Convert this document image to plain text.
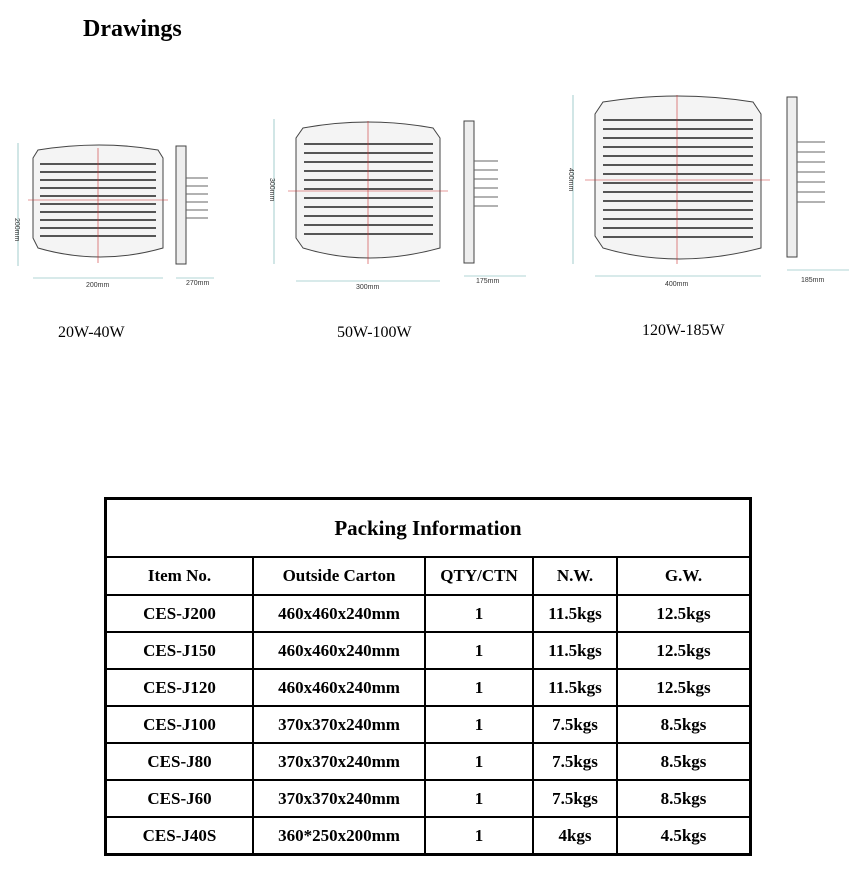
Drawings
200mm
200mm	270mm
20W-40W
300mm
300mm
175mm
50W-100W
400mm
400mm
185mm
120W-185W
Packing Information				
Item No.	Outside Carton	QTY/CTN	N.W.	G.W.
CES-J200	460x460x240mm	1	11.5kgs	12.5kgs
CES-J150	460x460x240mm	1	11.5kgs	12.5kgs
CES-J120	460x460x240mm	1	11.5kgs	12.5kgs
CES-J100	370x370x240mm	1	7.5kgs	8.5kgs
CES-J80	370x370x240mm	1	7.5kgs	8.5kgs
CES-J60	370x370x240mm	1	7.5kgs	8.5kgs
CES-J40S	360*250x200mm	1	4kgs	4.5kgs
